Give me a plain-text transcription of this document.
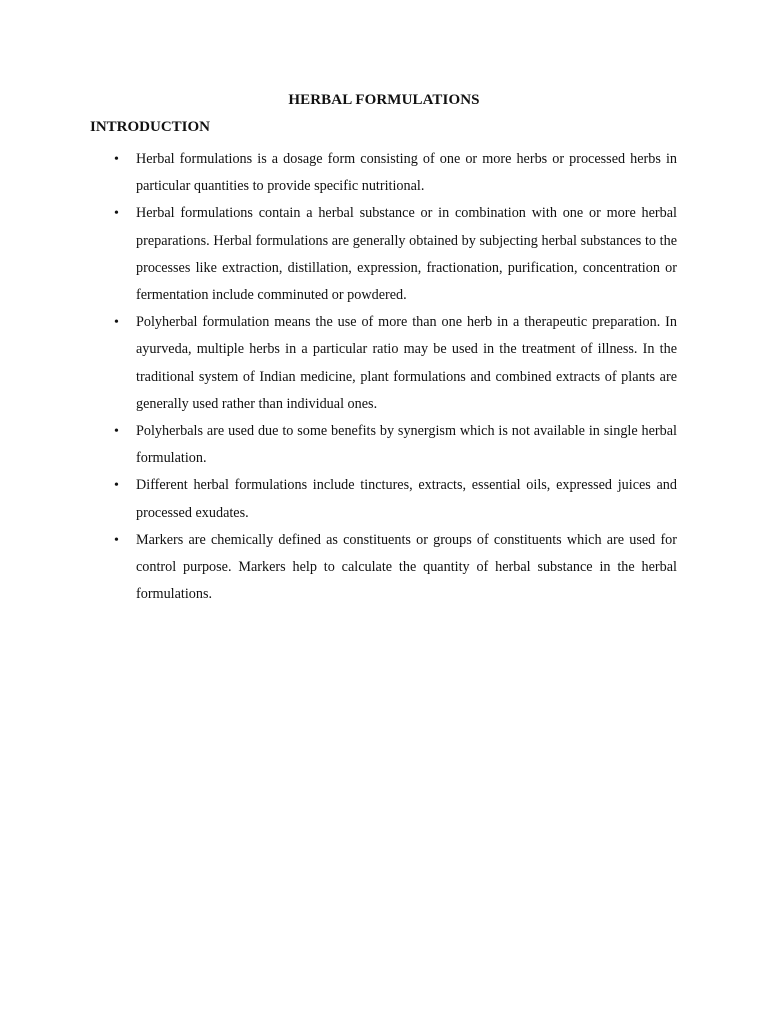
HERBAL FORMULATIONS
INTRODUCTION
• Herbal formulations is a dosage form consisting of one or more herbs or processed herbs in particular quantities to provide specific nutritional.
• Herbal formulations contain a herbal substance or in combination with one or more herbal preparations. Herbal formulations are generally obtained by subjecting herbal substances to the processes like extraction, distillation, expression, fractionation, purification, concentration or fermentation include comminuted or powdered.
• Polyherbal formulation means the use of more than one herb in a therapeutic preparation. In ayurveda, multiple herbs in a particular ratio may be used in the treatment of illness. In the traditional system of Indian medicine, plant formulations and combined extracts of plants are generally used rather than individual ones.
• Polyherbals are used due to some benefits by synergism which is not available in single herbal formulation.
• Different herbal formulations include tinctures, extracts, essential oils, expressed juices and processed exudates.
• Markers are chemically defined as constituents or groups of constituents which are used for control purpose. Markers help to calculate the quantity of herbal substance in the herbal formulations.
